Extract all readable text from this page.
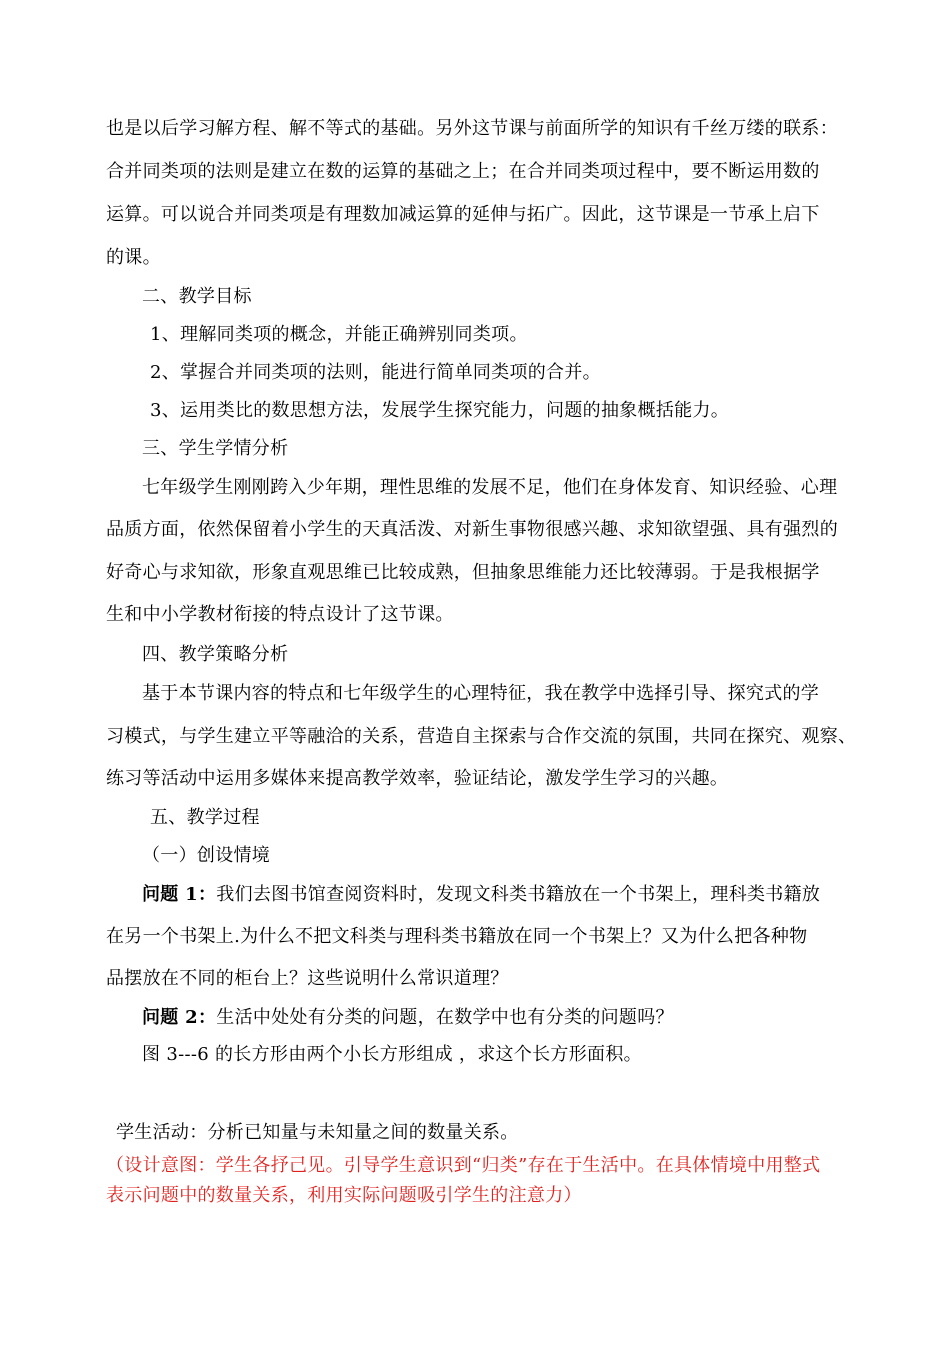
也是以后学习解方程、解不等式的基础。另外这节课与前面所学的知识有千丝万缕的联系：
合并同类项的法则是建立在数的运算的基础之上；在合并同类项过程中，要不断运用数的
运算。可以说合并同类项是有理数加减运算的延伸与拓广。因此，这节课是一节承上启下
的课。
二、教学目标
1、理解同类项的概念，并能正确辨别同类项。
2、掌握合并同类项的法则，能进行简单同类项的合并。
3、运用类比的数思想方法，发展学生探究能力，问题的抽象概括能力。
三、学生学情分析
七年级学生刚刚跨入少年期，理性思维的发展不足，他们在身体发育、知识经验、心理
品质方面，依然保留着小学生的天真活泼、对新生事物很感兴趣、求知欲望强、具有强烈的
好奇心与求知欲，形象直观思维已比较成熟，但抽象思维能力还比较薄弱。于是我根据学
生和中小学教材衔接的特点设计了这节课。
四、教学策略分析
基于本节课内容的特点和七年级学生的心理特征，我在教学中选择引导、探究式的学
习模式，与学生建立平等融洽的关系，营造自主探索与合作交流的氛围，共同在探究、观察、
练习等活动中运用多媒体来提高教学效率，验证结论，激发学生学习的兴趣。
五、教学过程
（一）创设情境
问题 1：我们去图书馆查阅资料时，发现文科类书籍放在一个书架上，理科类书籍放
在另一个书架上.为什么不把文科类与理科类书籍放在同一个书架上？又为什么把各种物
品摆放在不同的柜台上？这些说明什么常识道理？
问题 2：生活中处处有分类的问题，在数学中也有分类的问题吗？
图 3---6 的长方形由两个小长方形组成 ，求这个长方形面积。
学生活动：分析已知量与未知量之间的数量关系。
（设计意图：学生各抒己见。引导学生意识到“归类”存在于生活中。在具体情境中用整式
表示问题中的数量关系，利用实际问题吸引学生的注意力）
